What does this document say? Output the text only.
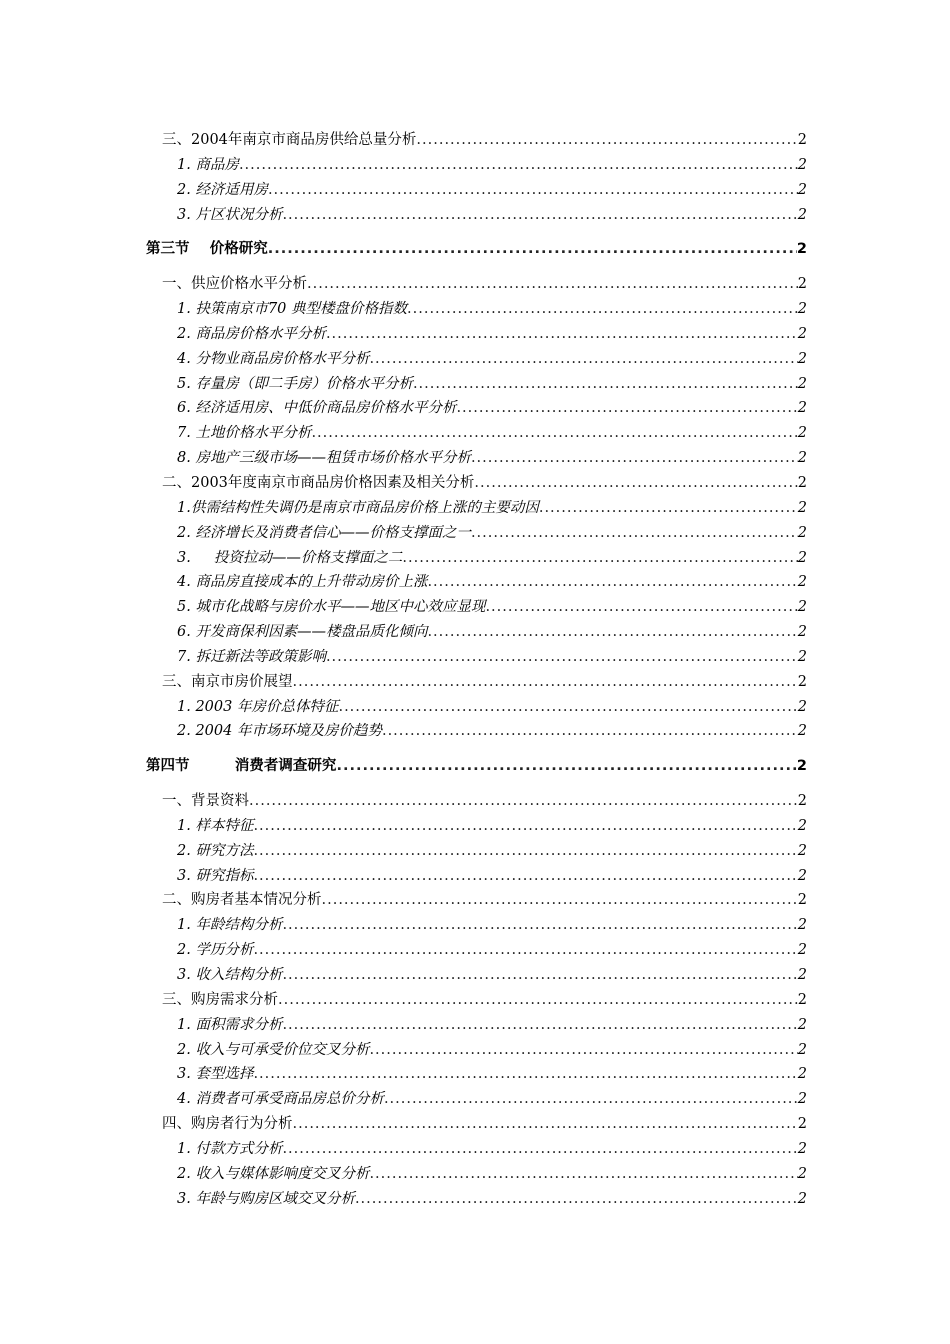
三、2004年南京市商品房供给总量分析 .....	2
1. 商品房 .....	2
2. 经济适用房 .....	2
3. 片区状况分析 .....	2
第三节    价格研究 .....	2
一、供应价格水平分析 .....	2
1. 抉策南京市70 典型楼盘价格指数 .....	2
2. 商品房价格水平分析 .....	2
4. 分物业商品房价格水平分析 .....	2
5. 存量房（即二手房）价格水平分析 .....	2
6. 经济适用房、中低价商品房价格水平分析 .....	2
7. 土地价格水平分析 .....	2
8. 房地产三级市场——租赁市场价格水平分析 .....	2
二、2003年度南京市商品房价格因素及相关分析 .....	2
1.供需结构性失调仍是南京市商品房价格上涨的主要动因 .....	2
2. 经济增长及消费者信心——价格支撑面之一 .....	2
3.     投资拉动——价格支撑面之二 .....	2
4. 商品房直接成本的上升带动房价上涨 .....	2
5. 城市化战略与房价水平——地区中心效应显现 .....	2
6. 开发商保利因素——楼盘品质化倾向 .....	2
7. 拆迁新法等政策影响 .....	2
三、南京市房价展望 .....	2
1. 2003 年房价总体特征 .....	2
2. 2004 年市场环境及房价趋势 .....	2
第四节         消费者调查研究 .....	2
一、背景资料 .....	2
1. 样本特征 .....	2
2. 研究方法 .....	2
3. 研究指标 .....	2
二、购房者基本情况分析 .....	2
1. 年龄结构分析 .....	2
2. 学历分析 .....	2
3. 收入结构分析 .....	2
三、购房需求分析 .....	2
1. 面积需求分析 .....	2
2. 收入与可承受价位交叉分析 .....	2
3. 套型选择 .....	2
4. 消费者可承受商品房总价分析 .....	2
四、购房者行为分析 .....	2
1. 付款方式分析 .....	2
2. 收入与媒体影响度交叉分析 .....	2
3. 年龄与购房区域交叉分析 .....	2
